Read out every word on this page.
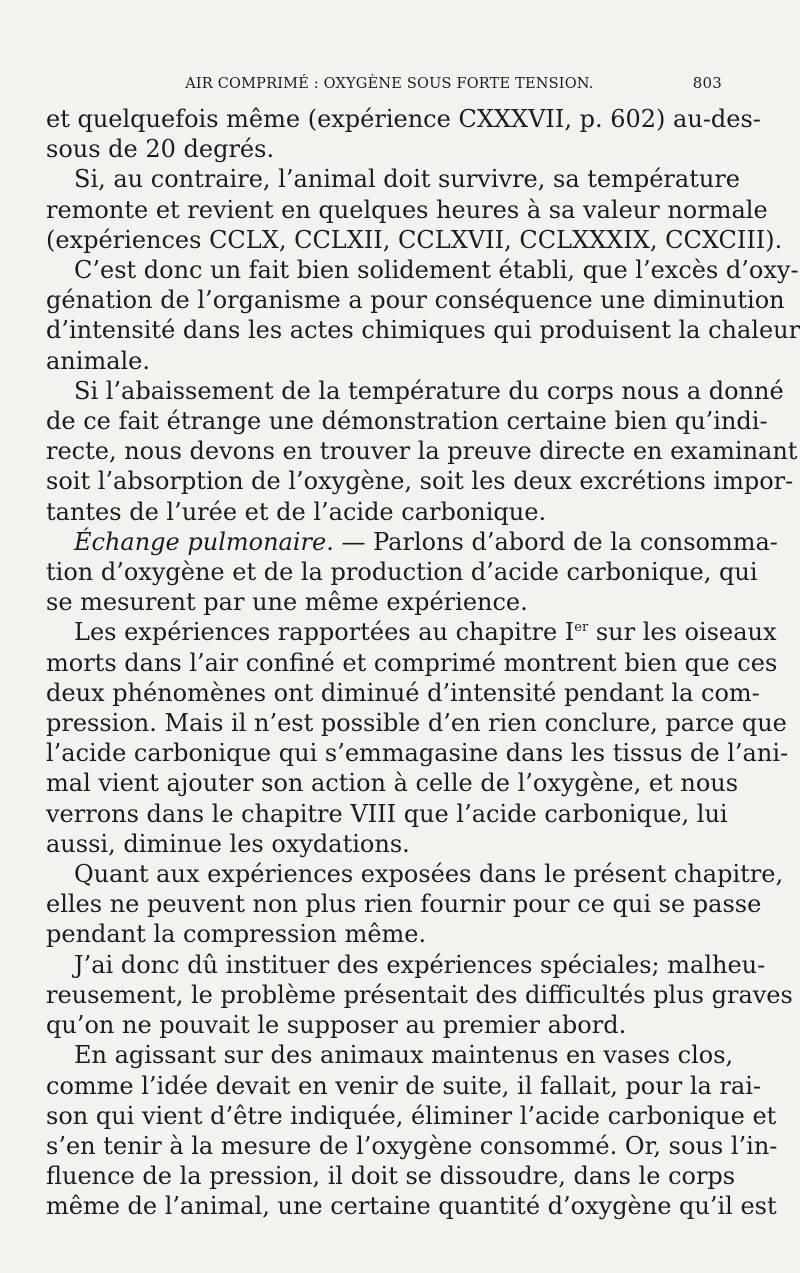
AIR COMPRIMÉ : OXYGÈNE SOUS FORTE TENSION.	803
et quelquefois même (expérience CXXXVII, p. 602) au-des-
sous de 20 degrés.
Si, au contraire, l’animal doit survivre, sa température
remonte et revient en quelques heures à sa valeur normale
(expériences CCLX, CCLXII, CCLXVII, CCLXXXIX, CCXCIII).
C’est donc un fait bien solidement établi, que l’excès d’oxy-
génation de l’organisme a pour conséquence une diminution
d’intensité dans les actes chimiques qui produisent la chaleur
animale.
Si l’abaissement de la température du corps nous a donné
de ce fait étrange une démonstration certaine bien qu’indi-
recte, nous devons en trouver la preuve directe en examinant
soit l’absorption de l’oxygène, soit les deux excrétions impor-
tantes de l’urée et de l’acide carbonique.
Échange pulmonaire. — Parlons d’abord de la consomma-
tion d’oxygène et de la production d’acide carbonique, qui
se mesurent par une même expérience.
Les expériences rapportées au chapitre Ier sur les oiseaux
morts dans l’air confiné et comprimé montrent bien que ces
deux phénomènes ont diminué d’intensité pendant la com-
pression. Mais il n’est possible d’en rien conclure, parce que
l’acide carbonique qui s’emmagasine dans les tissus de l’ani-
mal vient ajouter son action à celle de l’oxygène, et nous
verrons dans le chapitre VIII que l’acide carbonique, lui
aussi, diminue les oxydations.
Quant aux expériences exposées dans le présent chapitre,
elles ne peuvent non plus rien fournir pour ce qui se passe
pendant la compression même.
J’ai donc dû instituer des expériences spéciales; malheu-
reusement, le problème présentait des difficultés plus graves
qu’on ne pouvait le supposer au premier abord.
En agissant sur des animaux maintenus en vases clos,
comme l’idée devait en venir de suite, il fallait, pour la rai-
son qui vient d’être indiquée, éliminer l’acide carbonique et
s’en tenir à la mesure de l’oxygène consommé. Or, sous l’in-
fluence de la pression, il doit se dissoudre, dans le corps
même de l’animal, une certaine quantité d’oxygène qu’il est
